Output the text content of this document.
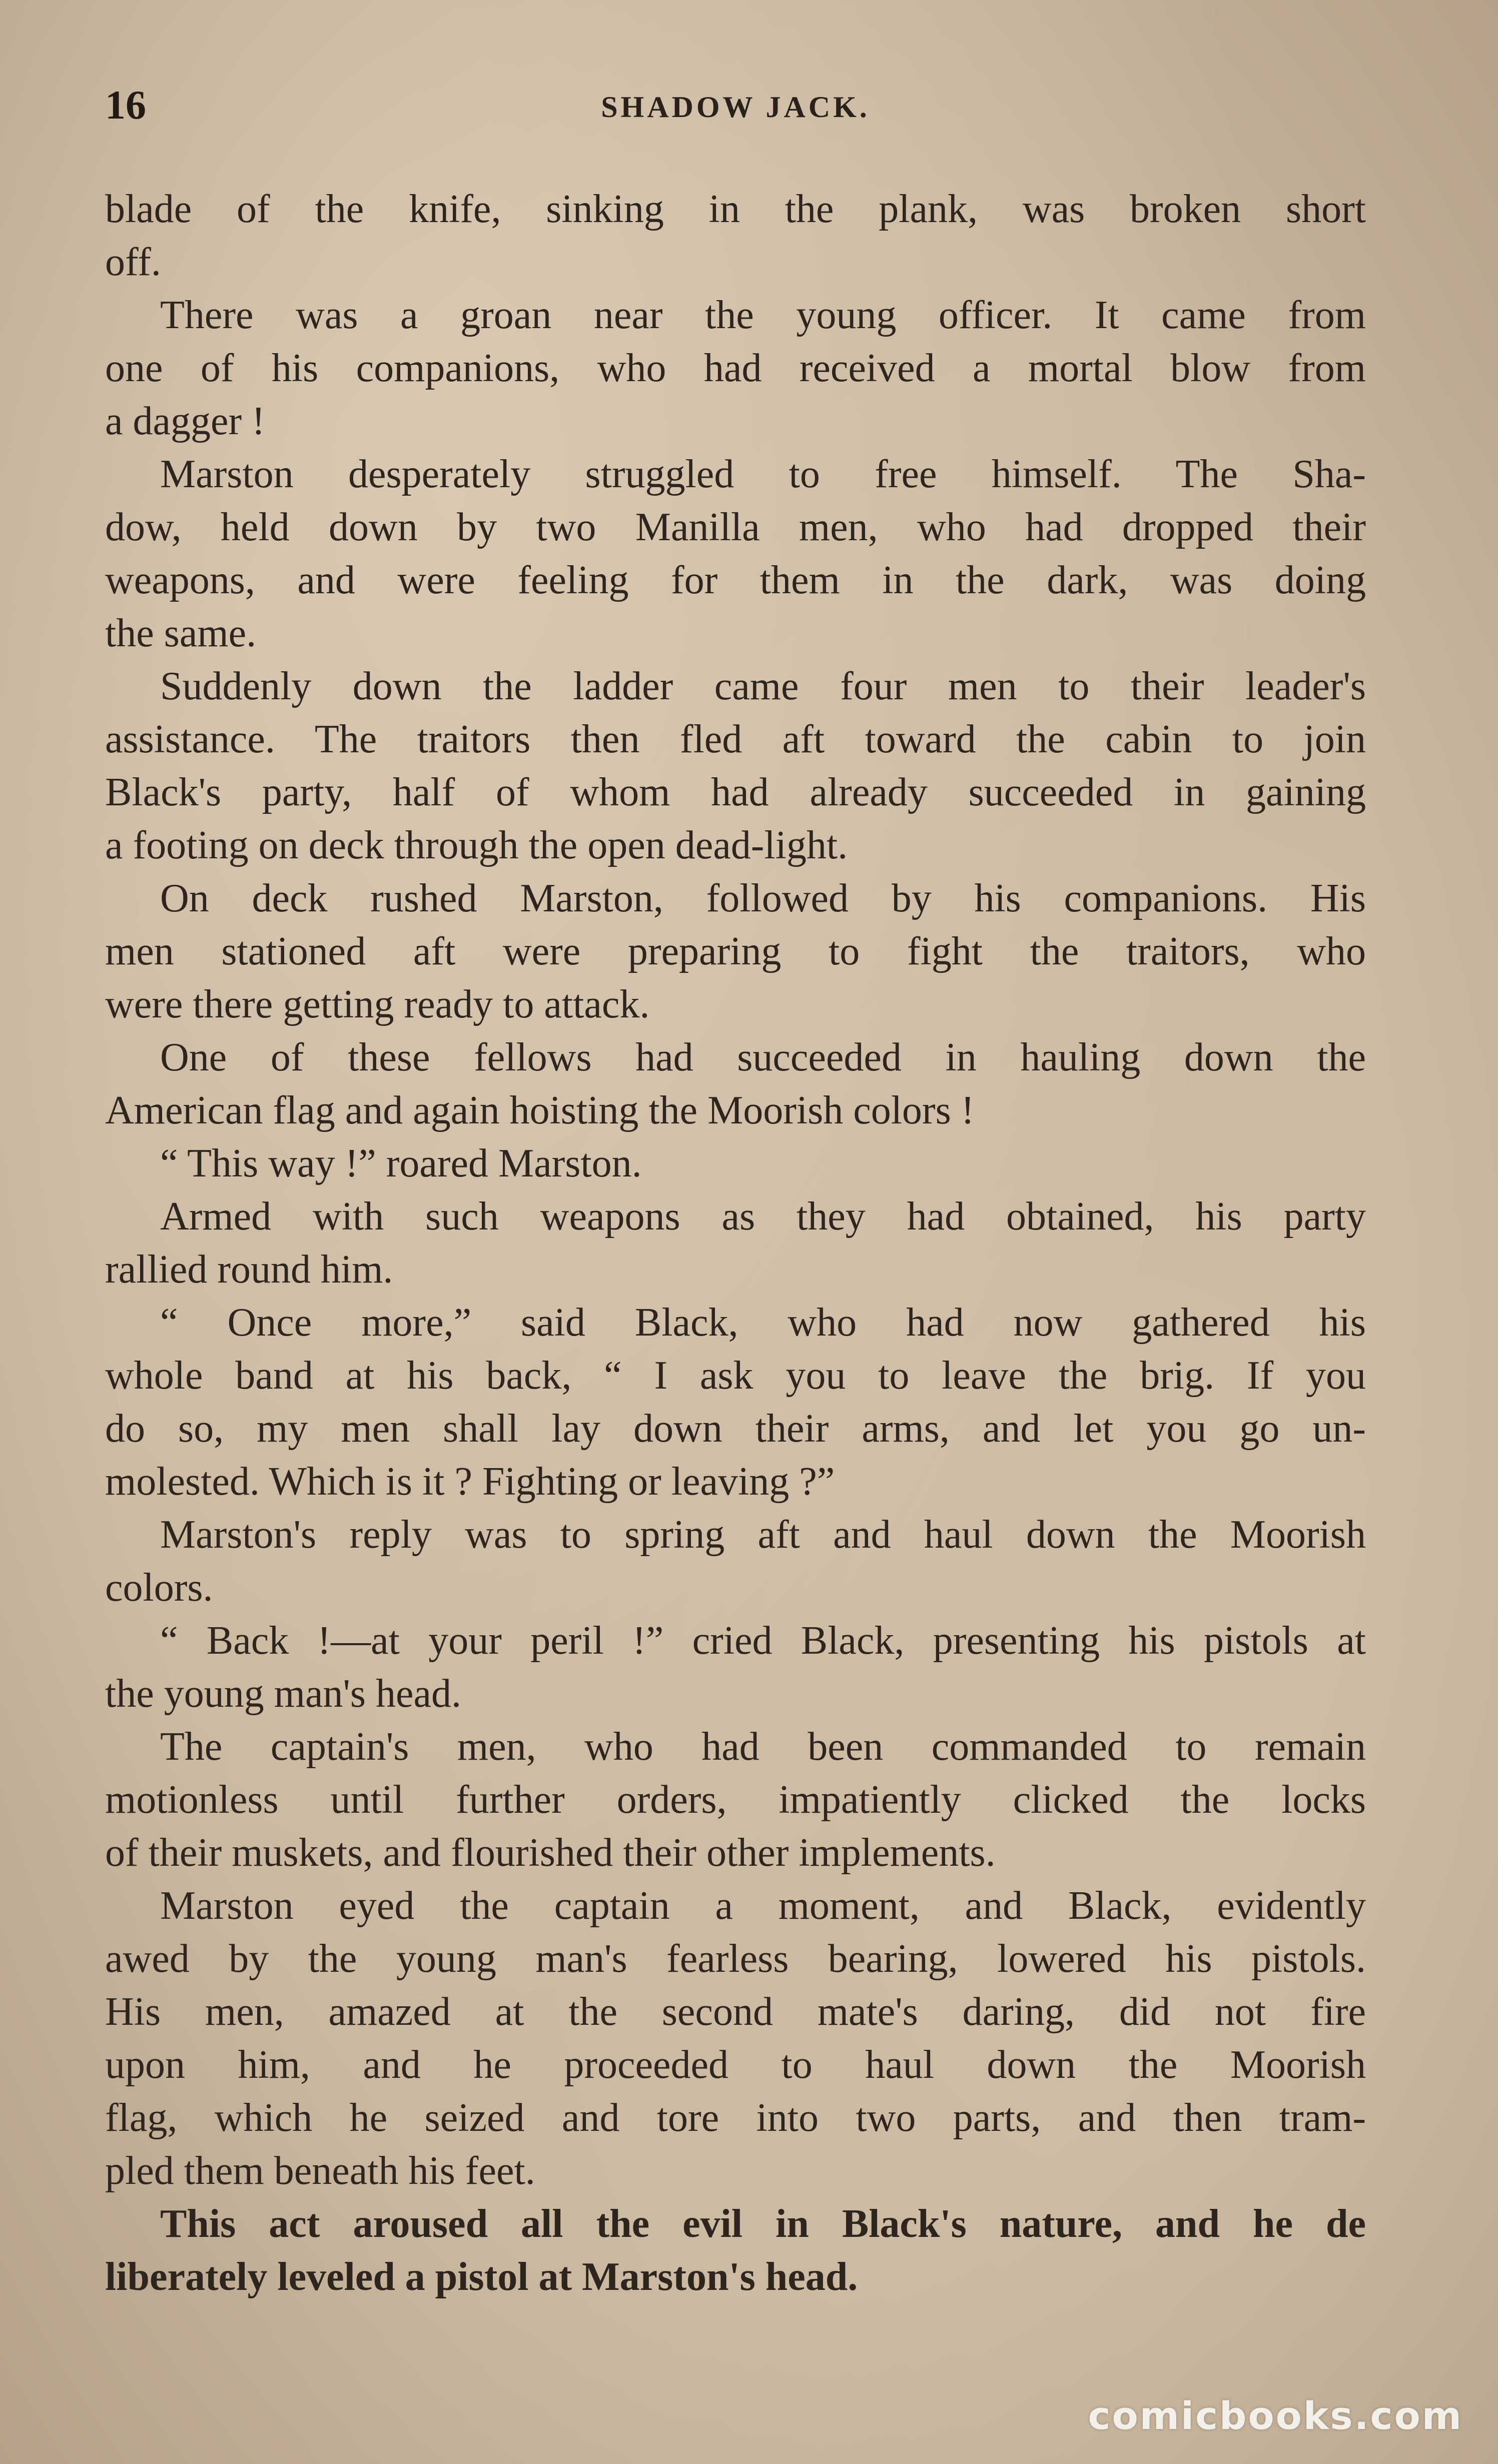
16	SHADOW JACK.

blade of the knife, sinking in the plank, was broken short
off.

There was a groan near the young officer. It came from
one of his companions, who had received a mortal blow from
a dagger !

Marston desperately struggled to free himself. The Sha-
dow, held down by two Manilla men, who had dropped their
weapons, and were feeling for them in the dark, was doing
the same.

Suddenly down the ladder came four men to their leader's
assistance. The traitors then fled aft toward the cabin to join
Black's party, half of whom had already succeeded in gaining
a footing on deck through the open dead-light.

On deck rushed Marston, followed by his companions. His
men stationed aft were preparing to fight the traitors, who
were there getting ready to attack.

One of these fellows had succeeded in hauling down the
American flag and again hoisting the Moorish colors !

“ This way !” roared Marston.

Armed with such weapons as they had obtained, his party
rallied round him.

“ Once more,” said Black, who had now gathered his
whole band at his back, “ I ask you to leave the brig. If you
do so, my men shall lay down their arms, and let you go un-
molested. Which is it ? Fighting or leaving ?”

Marston's reply was to spring aft and haul down the Moorish
colors.

“ Back !—at your peril !” cried Black, presenting his pistols at
the young man's head.

The captain's men, who had been commanded to remain
motionless until further orders, impatiently clicked the locks
of their muskets, and flourished their other implements.

Marston eyed the captain a moment, and Black, evidently
awed by the young man's fearless bearing, lowered his pistols.
His men, amazed at the second mate's daring, did not fire
upon him, and he proceeded to haul down the Moorish
flag, which he seized and tore into two parts, and then tram-
pled them beneath his feet.

This act aroused all the evil in Black's nature, and he de
liberately leveled a pistol at Marston's head.

comicbooks.com
